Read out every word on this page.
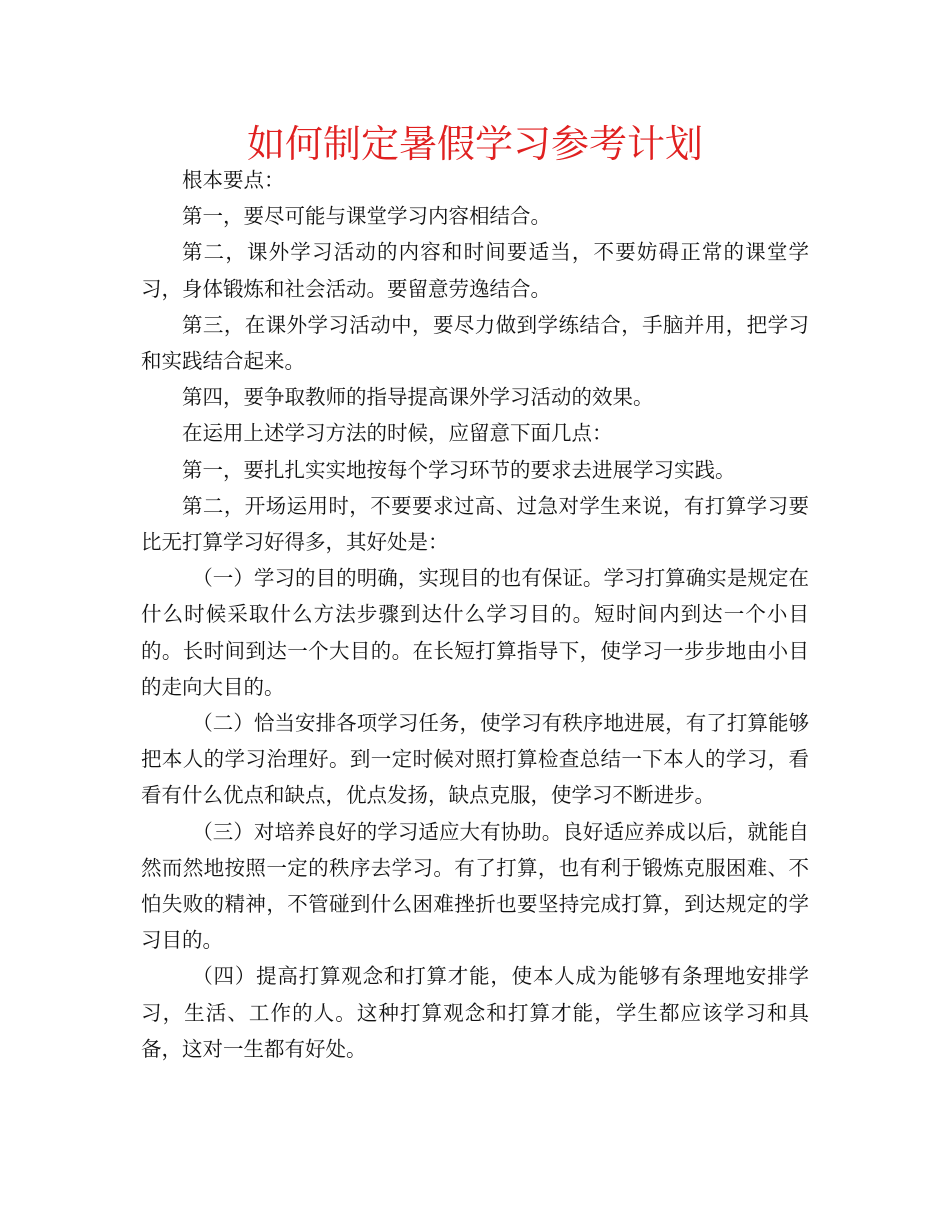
如何制定暑假学习参考计划

根本要点：

第一，要尽可能与课堂学习内容相结合。

第二，课外学习活动的内容和时间要适当，不要妨碍正常的课堂学习，身体锻炼和社会活动。要留意劳逸结合。

第三，在课外学习活动中，要尽力做到学练结合，手脑并用，把学习和实践结合起来。

第四，要争取教师的指导提高课外学习活动的效果。

在运用上述学习方法的时候，应留意下面几点：

第一，要扎扎实实地按每个学习环节的要求去进展学习实践。

第二，开场运用时，不要要求过高、过急对学生来说，有打算学习要比无打算学习好得多，其好处是：

（一）学习的目的明确，实现目的也有保证。学习打算确实是规定在什么时候采取什么方法步骤到达什么学习目的。短时间内到达一个小目的。长时间到达一个大目的。在长短打算指导下，使学习一步步地由小目的走向大目的。

（二）恰当安排各项学习任务，使学习有秩序地进展，有了打算能够把本人的学习治理好。到一定时候对照打算检查总结一下本人的学习，看看有什么优点和缺点，优点发扬，缺点克服，使学习不断进步。

（三）对培养良好的学习适应大有协助。良好适应养成以后，就能自然而然地按照一定的秩序去学习。有了打算，也有利于锻炼克服困难、不怕失败的精神，不管碰到什么困难挫折也要坚持完成打算，到达规定的学习目的。

（四）提高打算观念和打算才能，使本人成为能够有条理地安排学习，生活、工作的人。这种打算观念和打算才能，学生都应该学习和具备，这对一生都有好处。
